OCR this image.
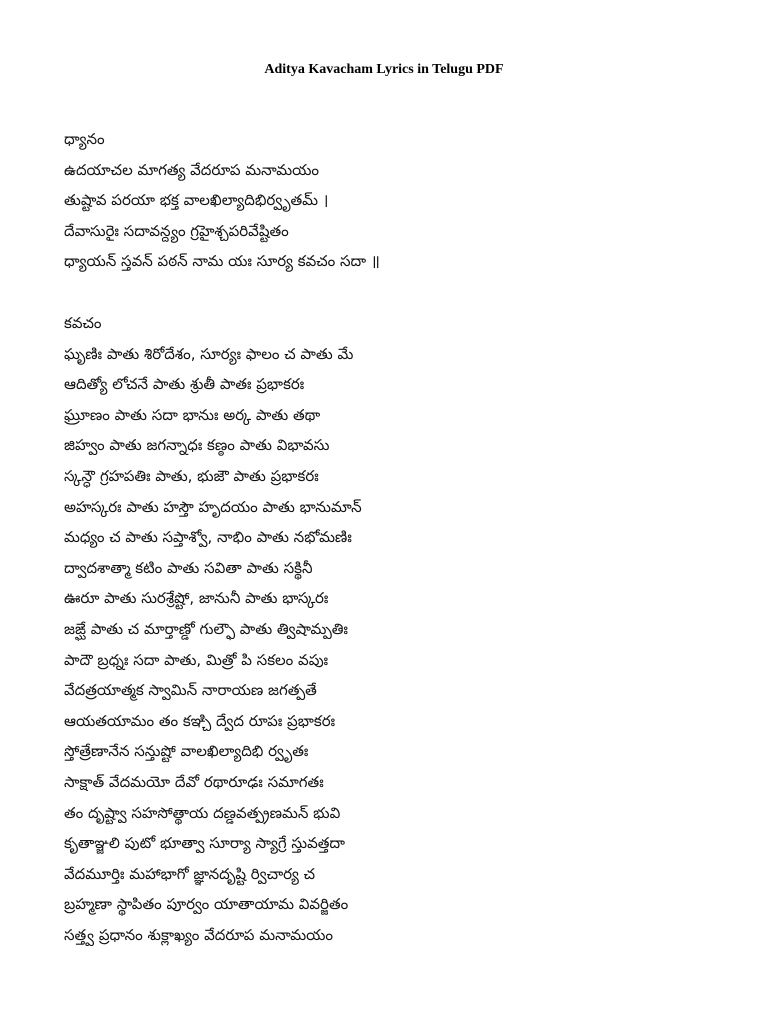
Aditya Kavacham Lyrics in Telugu PDF
ధ్యానం
ఉదయాచల మాగత్య వేదరూప మనామయం
తుష్టావ పరయా భక్త వాలఖిల్యాదిభిర్వృతమ్ ।
దేవాసురైః సదావన్ద్యం గ్రహైశ్చపరివేష్టితం
ధ్యాయన్ స్తవన్ పఠన్ నామ యః సూర్య కవచం సదా ॥
కవచం
ఘృణిః పాతు శిరోదేశం, సూర్యః ఫాలం చ పాతు మే
ఆదిత్యో లోచనే పాతు శ్రుతీ పాతః ప్రభాకరః
ఘ్రూణం పాతు సదా భానుః అర్క పాతు తథా
జిహ్వం పాతు జగన్నాధః కణ్ఠం పాతు విభావసు
స్కన్ధౌ గ్రహపతిః పాతు, భుజౌ పాతు ప్రభాకరః
అహస్కరః పాతు హస్తౌ హృదయం పాతు భానుమాన్
మధ్యం చ పాతు సప్తాశ్వో, నాభిం పాతు నభోమణిః
ద్వాదశాత్మా కటిం పాతు సవితా పాతు సక్థినీ
ఊరూ పాతు సురశ్రేష్టో, జానునీ పాతు భాస్కరః
జఙ్ఘే పాతు చ మార్తాణ్డో గుల్ఫౌ పాతు త్విషామ్పతిః
పాదౌ బ్రధ్నః సదా పాతు, మిత్రో పి సకలం వపుః
వేదత్రయాత్మక స్వామిన్ నారాయణ జగత్పతే
ఆయతయామం తం కఞ్చి ద్వేద రూపః ప్రభాకరః
స్తోత్రేణానేన సన్తుష్టో వాలఖిల్యాదిభి ర్వృతః
సాక్షాత్ వేదమయో దేవో రథారూఢః సమాగతః
తం దృష్ట్వా సహసోత్థాయ దణ్డవత్ప్రణమన్ భువి
కృతాఞ్జలి పుటో భూత్వా సూర్యా స్యాగ్రే స్తువత్తదా
వేదమూర్తిః మహాభాగో జ్ఞానదృష్టి ర్విచార్య చ
బ్రహ్మణా స్థాపితం పూర్వం యాతాయామ వివర్జితం
సత్త్వ ప్రధానం శుక్లాఖ్యం వేదరూప మనామయం
